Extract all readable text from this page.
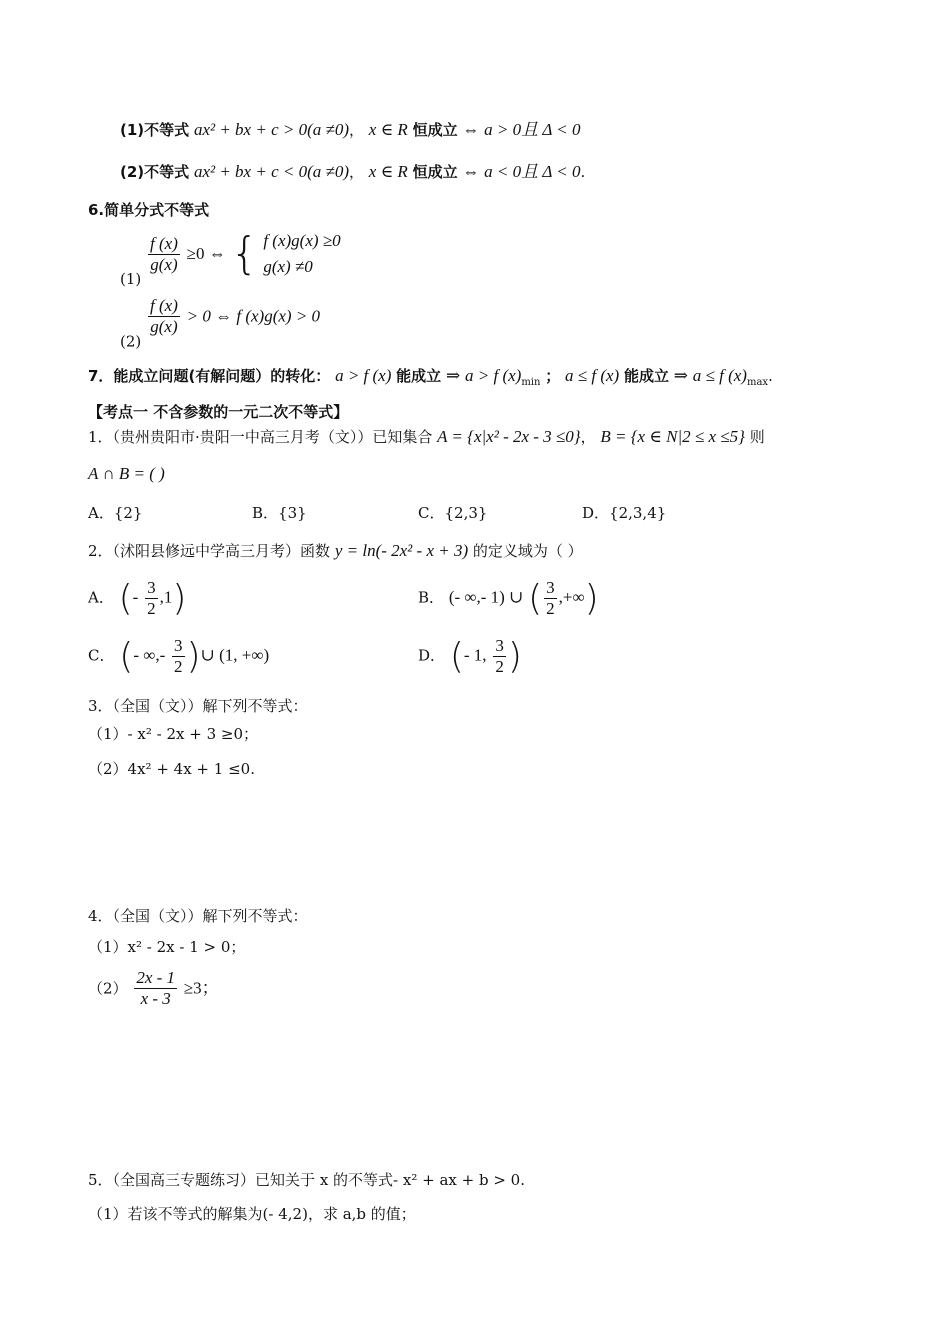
(1)不等式 ax² + bx + c > 0(a ≠0)， x ∈ R 恒成立 ⇔ a > 0且 Δ < 0
(2)不等式 ax² + bx + c < 0(a ≠0)， x ∈ R 恒成立 ⇔ a < 0且 Δ < 0.
6.简单分式不等式
(1)
$\frac{f (x)}{g(x)} \ge 0$ ⇔ { f (x)g(x) ≥0
g(x) ≠0
(2)
$\frac{f (x)}{g(x)} > 0$ ⇔ f (x)g(x) > 0
7．能成立问题(有解问题）的转化： a > f (x) 能成立 ⇒ a > f $(x)_{min}$ ； a ≤ f (x) 能成立 ⇒ a ≤ f $(x)_{max}$.
【考点一 不含参数的一元二次不等式】
1．（贵州贵阳市·贵阳一中高三月考（文））已知集合 A = {x|x² - 2x - 3 ≤0}， B = {x ∈ N|2 ≤ x ≤5} 则
A ∩ B = ( )
A．{2}	B．{3}	C．{2,3}	D．{2,3,4}
2．（沭阳县修远中学高三月考）函数 y = ln(- 2x² - x + 3) 的定义域为（ ）
A． (- $\frac{3}{2} ,1$)	B． (- ∞,- 1) ∪ ( $\frac{3}{2}$ ,+∞)
C． (- ∞,- $\frac{3}{2}$ )∪ (1, +∞)	D． (- 1, $\frac{3}{2}$ )
3．（全国（文））解下列不等式：
（1）- x² - 2x + 3 ≥0；
（2）4x² + 4x + 1 ≤0.
4．（全国（文））解下列不等式：
（1）x² - 2x - 1 > 0；
$(2) \frac{2x - 1}{x - 3} \ge 3$；
5．（全国高三专题练习）已知关于 x 的不等式- x² + ax + b > 0.
（1）若该不等式的解集为(- 4,2)，求 a,b 的值；
